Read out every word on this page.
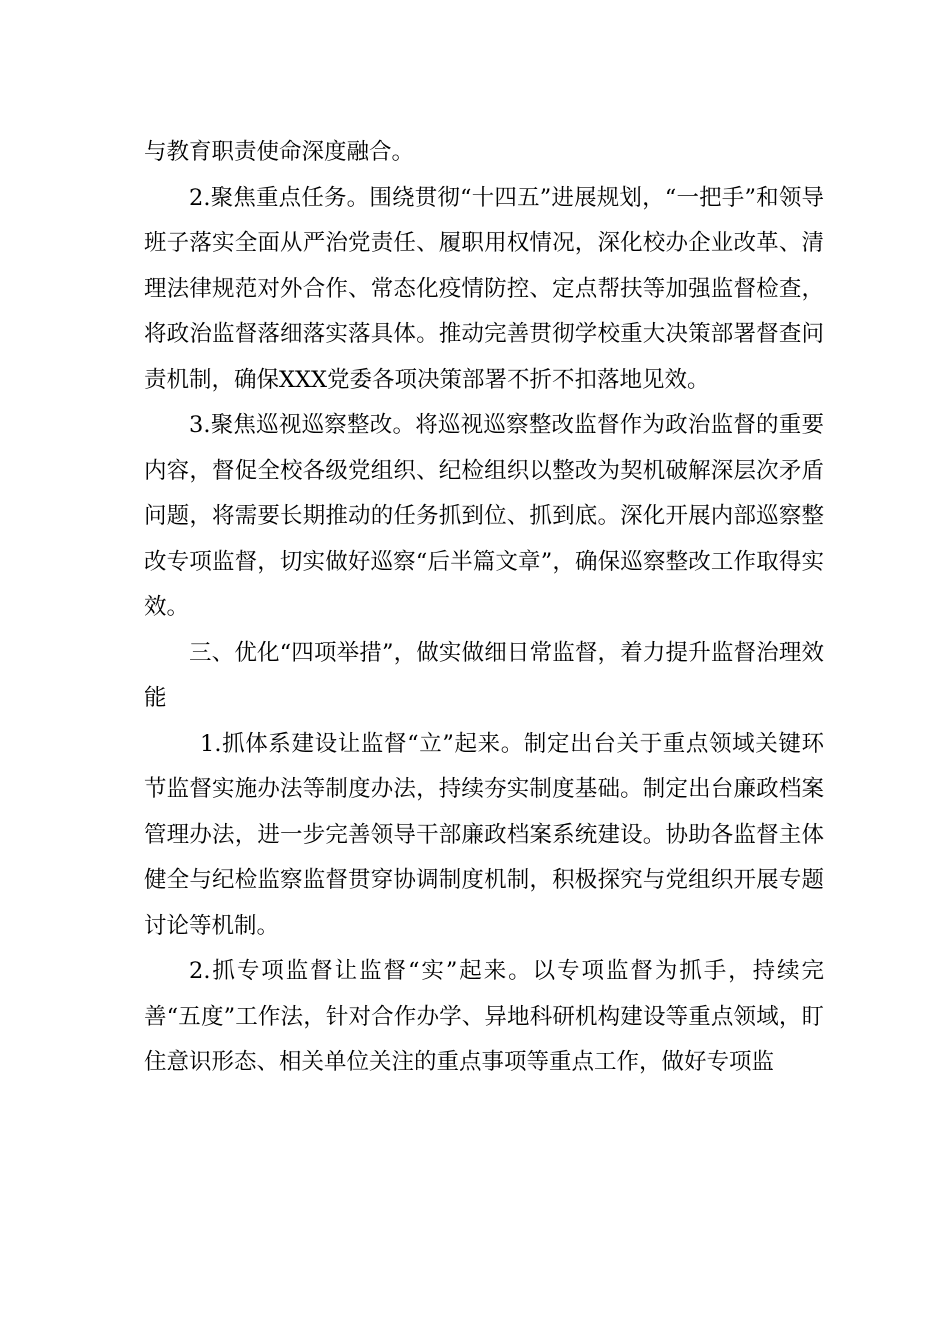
与教育职责使命深度融合。

2.聚焦重点任务。围绕贯彻“十四五”进展规划，“一把手”和领导班子落实全面从严治党责任、履职用权情况，深化校办企业改革、清理法律规范对外合作、常态化疫情防控、定点帮扶等加强监督检查，将政治监督落细落实落具体。推动完善贯彻学校重大决策部署督查问责机制，确保XXX党委各项决策部署不折不扣落地见效。

3.聚焦巡视巡察整改。将巡视巡察整改监督作为政治监督的重要内容，督促全校各级党组织、纪检组织以整改为契机破解深层次矛盾问题，将需要长期推动的任务抓到位、抓到底。深化开展内部巡察整改专项监督，切实做好巡察“后半篇文章”，确保巡察整改工作取得实效。

三、优化“四项举措”，做实做细日常监督，着力提升监督治理效能

1.抓体系建设让监督“立”起来。制定出台关于重点领域关键环节监督实施办法等制度办法，持续夯实制度基础。制定出台廉政档案管理办法，进一步完善领导干部廉政档案系统建设。协助各监督主体健全与纪检监察监督贯穿协调制度机制，积极探究与党组织开展专题讨论等机制。

2.抓专项监督让监督“实”起来。以专项监督为抓手，持续完善“五度”工作法，针对合作办学、异地科研机构建设等重点领域，盯住意识形态、相关单位关注的重点事项等重点工作，做好专项监
